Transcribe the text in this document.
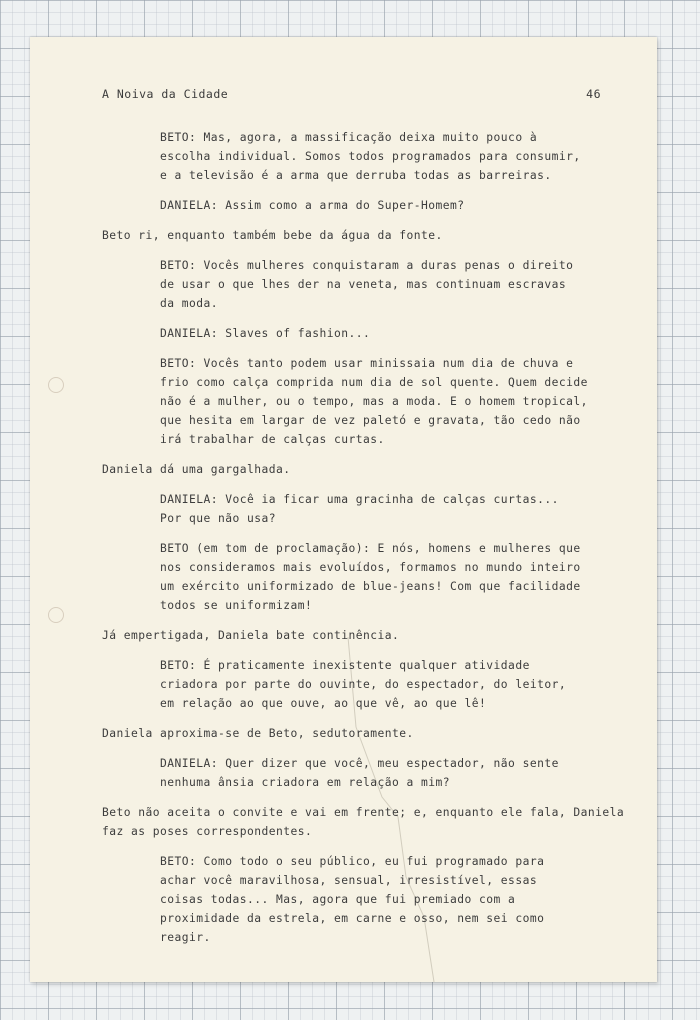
A Noiva da Cidade	46
BETO: Mas, agora, a massificação deixa muito pouco à
escolha individual. Somos todos programados para consumir,
e a televisão é a arma que derruba todas as barreiras.
DANIELA: Assim como a arma do Super-Homem?
Beto ri, enquanto também bebe da água da fonte.
BETO: Vocês mulheres conquistaram a duras penas o direito
de usar o que lhes der na veneta, mas continuam escravas
da moda.
DANIELA: Slaves of fashion...
BETO: Vocês tanto podem usar minissaia num dia de chuva e
frio como calça comprida num dia de sol quente. Quem decide
não é a mulher, ou o tempo, mas a moda. E o homem tropical,
que hesita em largar de vez paletó e gravata, tão cedo não
irá trabalhar de calças curtas.
Daniela dá uma gargalhada.
DANIELA: Você ia ficar uma gracinha de calças curtas...
Por que não usa?
BETO (em tom de proclamação): E nós, homens e mulheres que
nos consideramos mais evoluídos, formamos no mundo inteiro
um exército uniformizado de blue-jeans! Com que facilidade
todos se uniformizam!
Já empertigada, Daniela bate continência.
BETO: É praticamente inexistente qualquer atividade
criadora por parte do ouvinte, do espectador, do leitor,
em relação ao que ouve, ao que vê, ao que lê!
Daniela aproxima-se de Beto, sedutoramente.
DANIELA: Quer dizer que você, meu espectador, não sente
nenhuma ânsia criadora em relação a mim?
Beto não aceita o convite e vai em frente; e, enquanto ele fala, Daniela
faz as poses correspondentes.
BETO: Como todo o seu público, eu fui programado para
achar você maravilhosa, sensual, irresistível, essas
coisas todas... Mas, agora que fui premiado com a
proximidade da estrela, em carne e osso, nem sei como
reagir.
